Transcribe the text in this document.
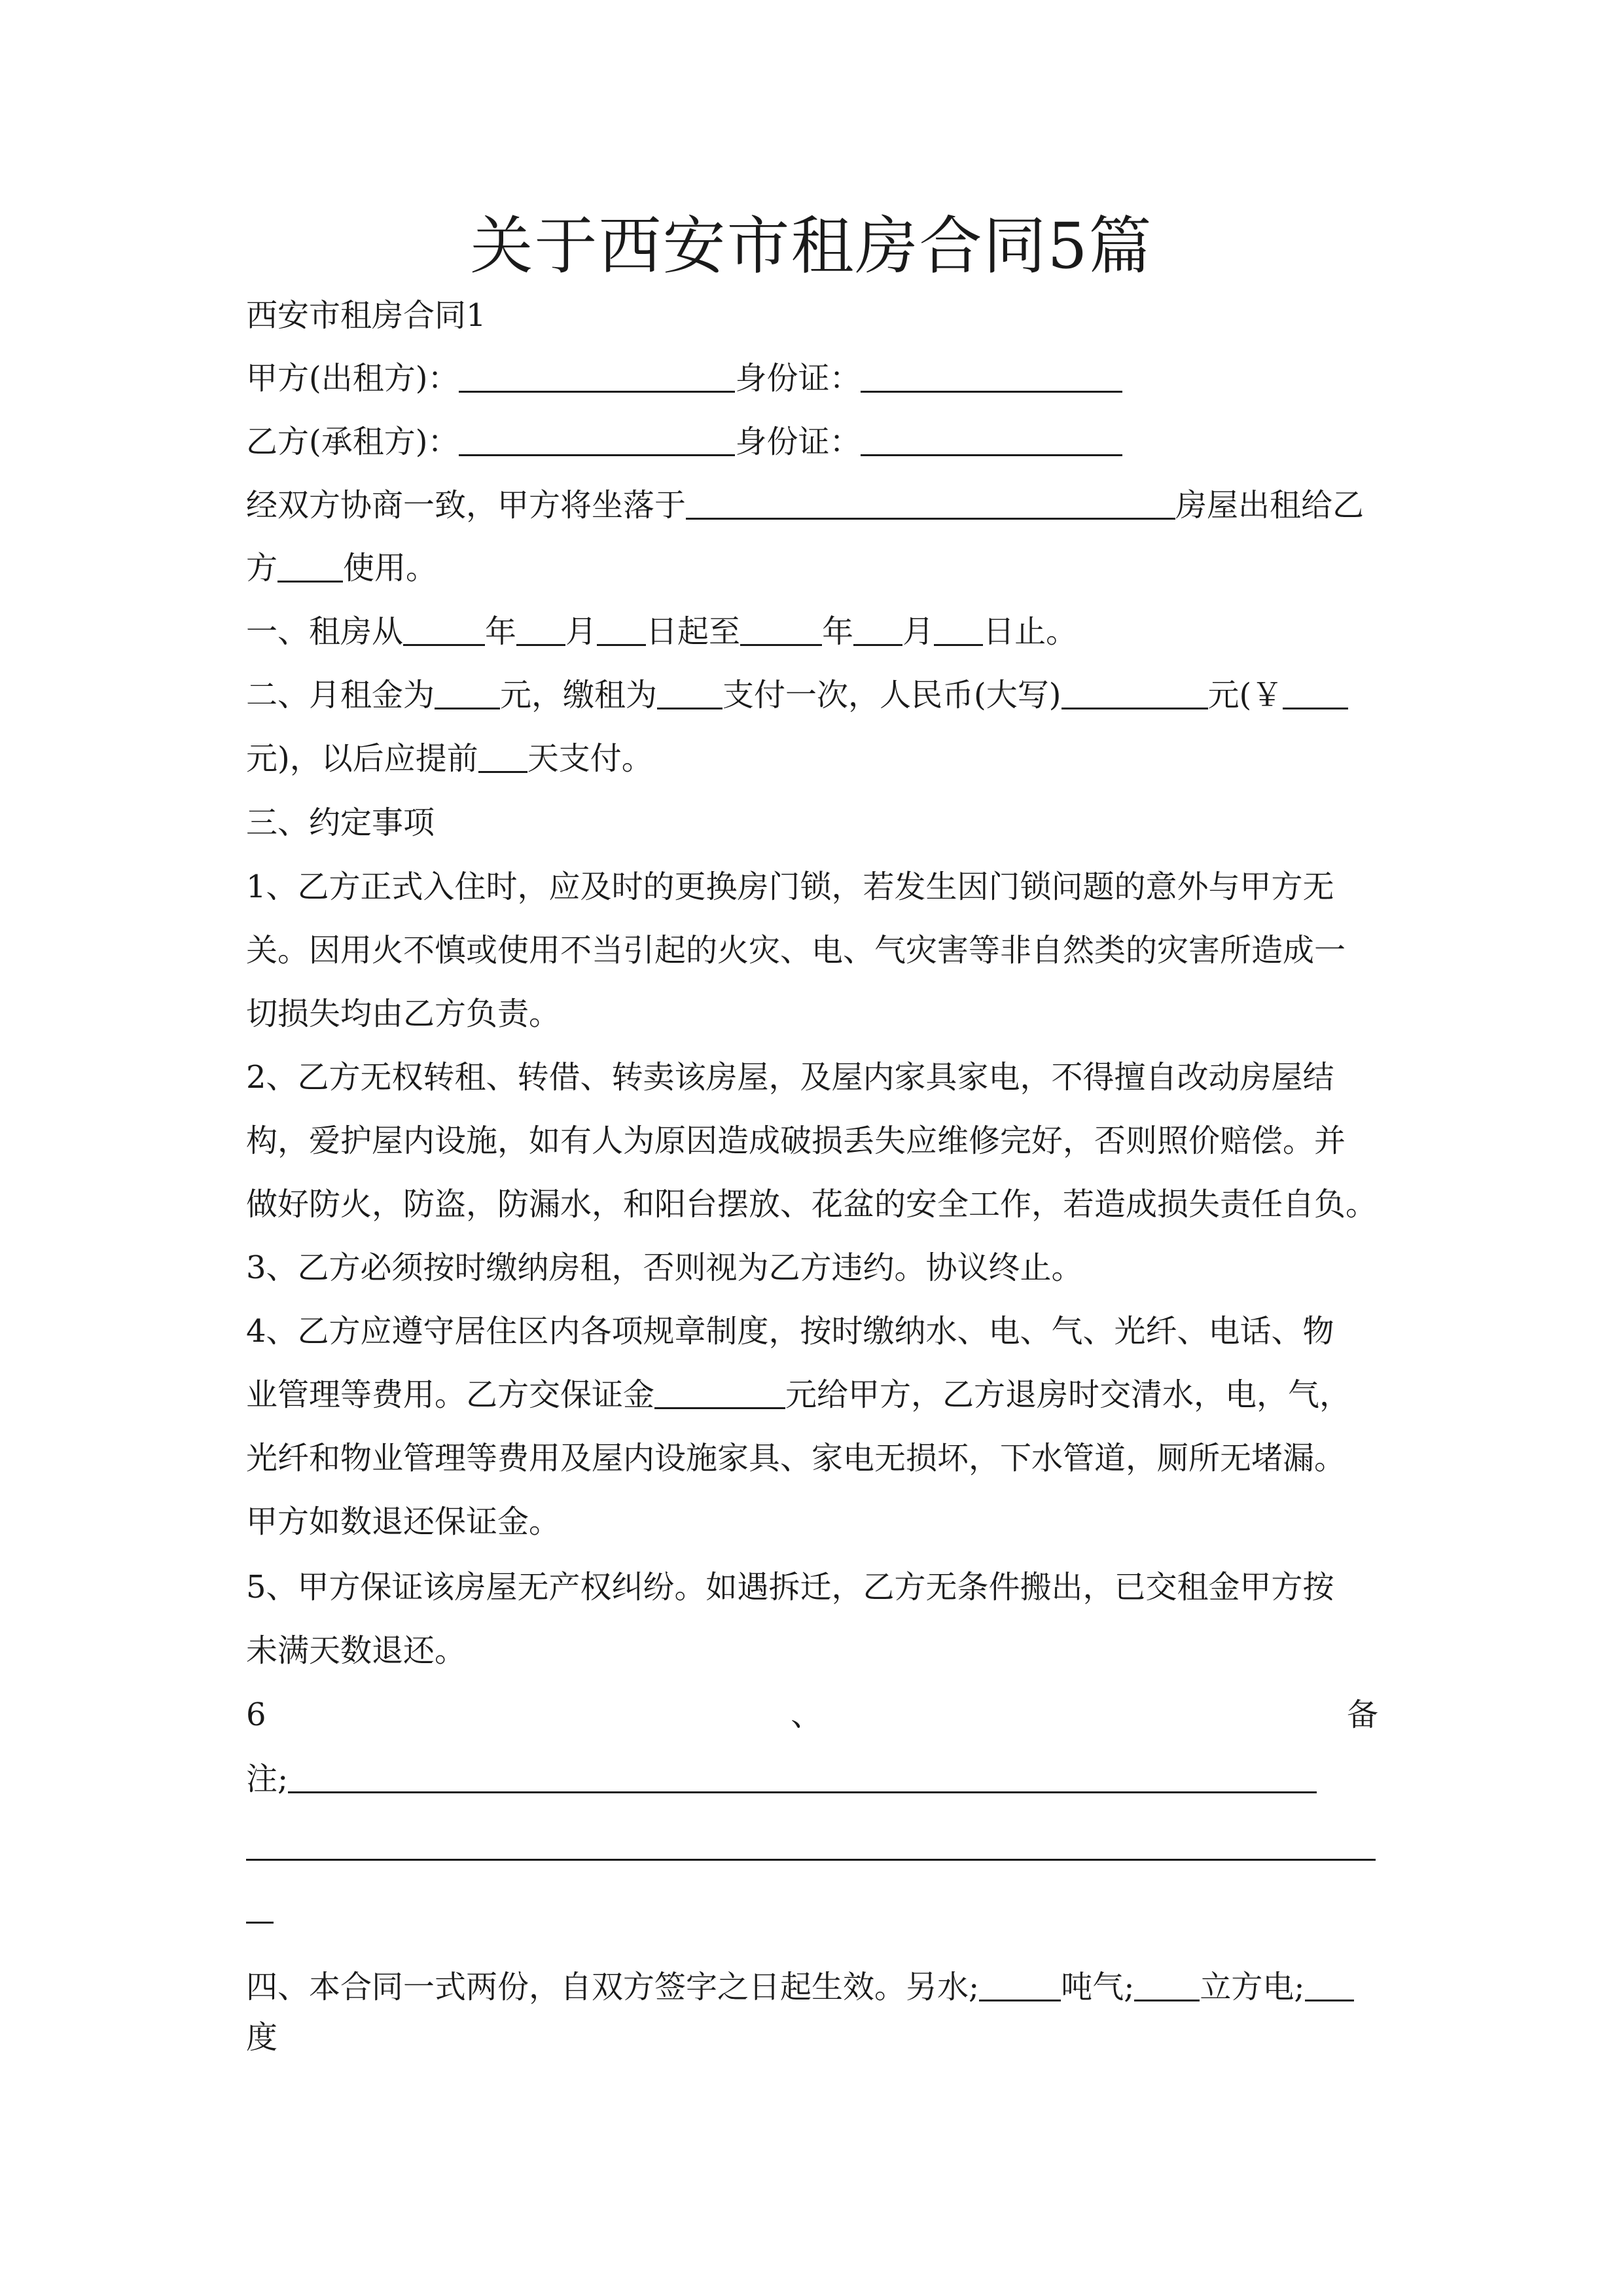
关于西安市租房合同5篇
西安市租房合同1
甲方(出租方)：	身份证：
乙方(承租方)：	身份证：
经双方协商一致，甲方将坐落于	房屋出租给乙
方 使用。
一、租房从	年 月 日起至	年 月 日止。
二、月租金为 元，缴租为 支付一次，人民币(大写)	元(￥
元)，以后应提前 天支付。
三、约定事项
1、乙方正式入住时，应及时的更换房门锁，若发生因门锁问题的意外与甲方无
关。因用火不慎或使用不当引起的火灾、电、气灾害等非自然类的灾害所造成一
切损失均由乙方负责。
2、乙方无权转租、转借、转卖该房屋，及屋内家具家电，不得擅自改动房屋结
构，爱护屋内设施，如有人为原因造成破损丢失应维修完好，否则照价赔偿。并
做好防火，防盗，防漏水，和阳台摆放、花盆的安全工作，若造成损失责任自负。
3、乙方必须按时缴纳房租，否则视为乙方违约。协议终止。
4、乙方应遵守居住区内各项规章制度，按时缴纳水、电、气、光纤、电话、物
业管理等费用。乙方交保证金	元给甲方，乙方退房时交清水，电，气，
光纤和物业管理等费用及屋内设施家具、家电无损坏，下水管道，厕所无堵漏。
甲方如数退还保证金。
5、甲方保证该房屋无产权纠纷。如遇拆迁，乙方无条件搬出，已交租金甲方按
未满天数退还。
6	、	备
注;
四、本合同一式两份，自双方签字之日起生效。另水;	吨气; 立方电;
度
